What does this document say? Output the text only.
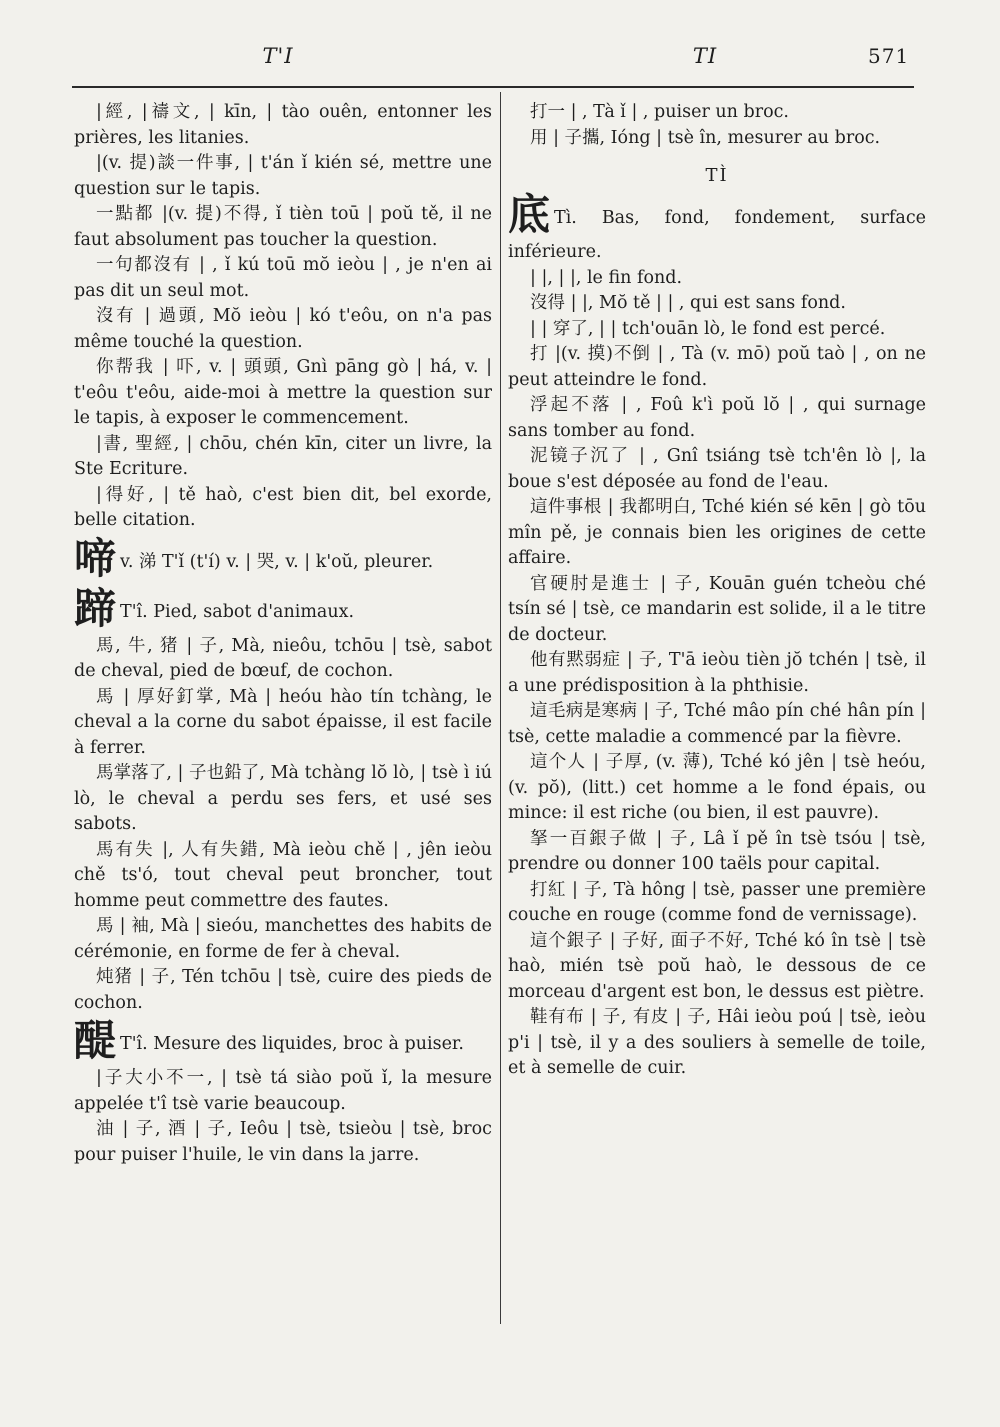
T'I	TI	571

|經, |禱文, | kīn, | tào ouên, entonner les prières, les litanies.

|(v. 提)談一件事, | t'án ǐ kién sé, mettre une question sur le tapis.

一點都 |(v. 提)不得, ǐ tièn toū | poŭ tě, il ne faut absolument pas toucher la question.

一句都沒有 | , ǐ kú toū mŏ ieòu | , je n'en ai pas dit un seul mot.

沒有 | 過頭, Mŏ ieòu | kó t'eôu, on n'a pas même touché la question.

你帮我 | 吓, v. | 頭頭, Gnì pāng gò | há, v. | t'eôu t'eôu, aide-moi à mettre la question sur le tapis, à exposer le commencement.

|書, 聖經, | chōu, chén kīn, citer un livre, la Ste Ecriture.

|得好, | tě haò, c'est bien dit, bel exorde, belle citation.

啼v. 涕 T'ǐ (t'í) v. | 哭, v. | k'oŭ, pleurer.

蹄 T'î. Pied, sabot d'animaux.

馬, 牛, 猪 | 子, Mà, nieôu, tchōu | tsè, sabot de cheval, pied de bœuf, de cochon.

馬 | 厚好釘掌, Mà | heóu hào tín tchàng, le cheval a la corne du sabot épaisse, il est facile à ferrer.

馬掌落了, | 子也鉛了, Mà tchàng lŏ lò, | tsè ì iú lò, le cheval a perdu ses fers, et usé ses sabots.

馬有失 |, 人有失錯, Mà ieòu chě | , jên ieòu chě ts'ó, tout cheval peut broncher, tout homme peut commettre des fautes.

馬 | 袖, Mà | sieóu, manchettes des habits de cérémonie, en forme de fer à cheval.

炖猪 | 子, Tén tchōu | tsè, cuire des pieds de cochon.

醍 T'î. Mesure des liquides, broc à puiser.

|子大小不一, | tsè tá siào poŭ ǐ, la mesure appelée t'î tsè varie beaucoup.

油 | 子, 酒 | 子, Ieôu | tsè, tsieòu | tsè, broc pour puiser l'huile, le vin dans la jarre.

打一 | , Tà ǐ | , puiser un broc.

用 | 子攜, Ióng | tsè în, mesurer au broc.

TÌ

底 Tì. Bas, fond, fondement, surface inférieure.

| |, | |, le fin fond.

沒得 | |, Mŏ tě | | , qui est sans fond.

| | 穿了, | | tch'ouān lò, le fond est percé.

打 |(v. 摸)不倒 | , Tà (v. mō) poŭ taò | , on ne peut atteindre le fond.

浮起不落 | , Foû k'ì poŭ lŏ | , qui surnage sans tomber au fond.

泥镜子沉了 | , Gnî tsiáng tsè tch'ên lò |, la boue s'est déposée au fond de l'eau.

這件事根 | 我都明白, Tché kién sé kēn | gò tōu mîn pě, je connais bien les origines de cette affaire.

官硬肘是進士 | 子, Kouān guén tcheòu ché tsín sé | tsè, ce mandarin est solide, il a le titre de docteur.

他有黙弱症 | 子, T'ā ieòu tièn jŏ tchén | tsè, il a une prédisposition à la phthisie.

這毛病是寒病 | 子, Tché mâo pín ché hân pín | tsè, cette maladie a commencé par la fièvre.

這个人 | 子厚, (v. 薄), Tché kó jên | tsè heóu, (v. pŏ), (litt.) cet homme a le fond épais, ou mince: il est riche (ou bien, il est pauvre).

拏一百銀子做 | 子, Lâ ǐ pě în tsè tsóu | tsè, prendre ou donner 100 taëls pour capital.

打紅 | 子, Tà hông | tsè, passer une première couche en rouge (comme fond de vernissage).

這个銀子 | 子好, 面子不好, Tché kó în tsè | tsè haò, mién tsè poŭ haò, le dessous de ce morceau d'argent est bon, le dessus est piètre.

鞋有布 | 子, 有皮 | 子, Hâi ieòu poú | tsè, ieòu p'i | tsè, il y a des souliers à semelle de toile, et à semelle de cuir.
